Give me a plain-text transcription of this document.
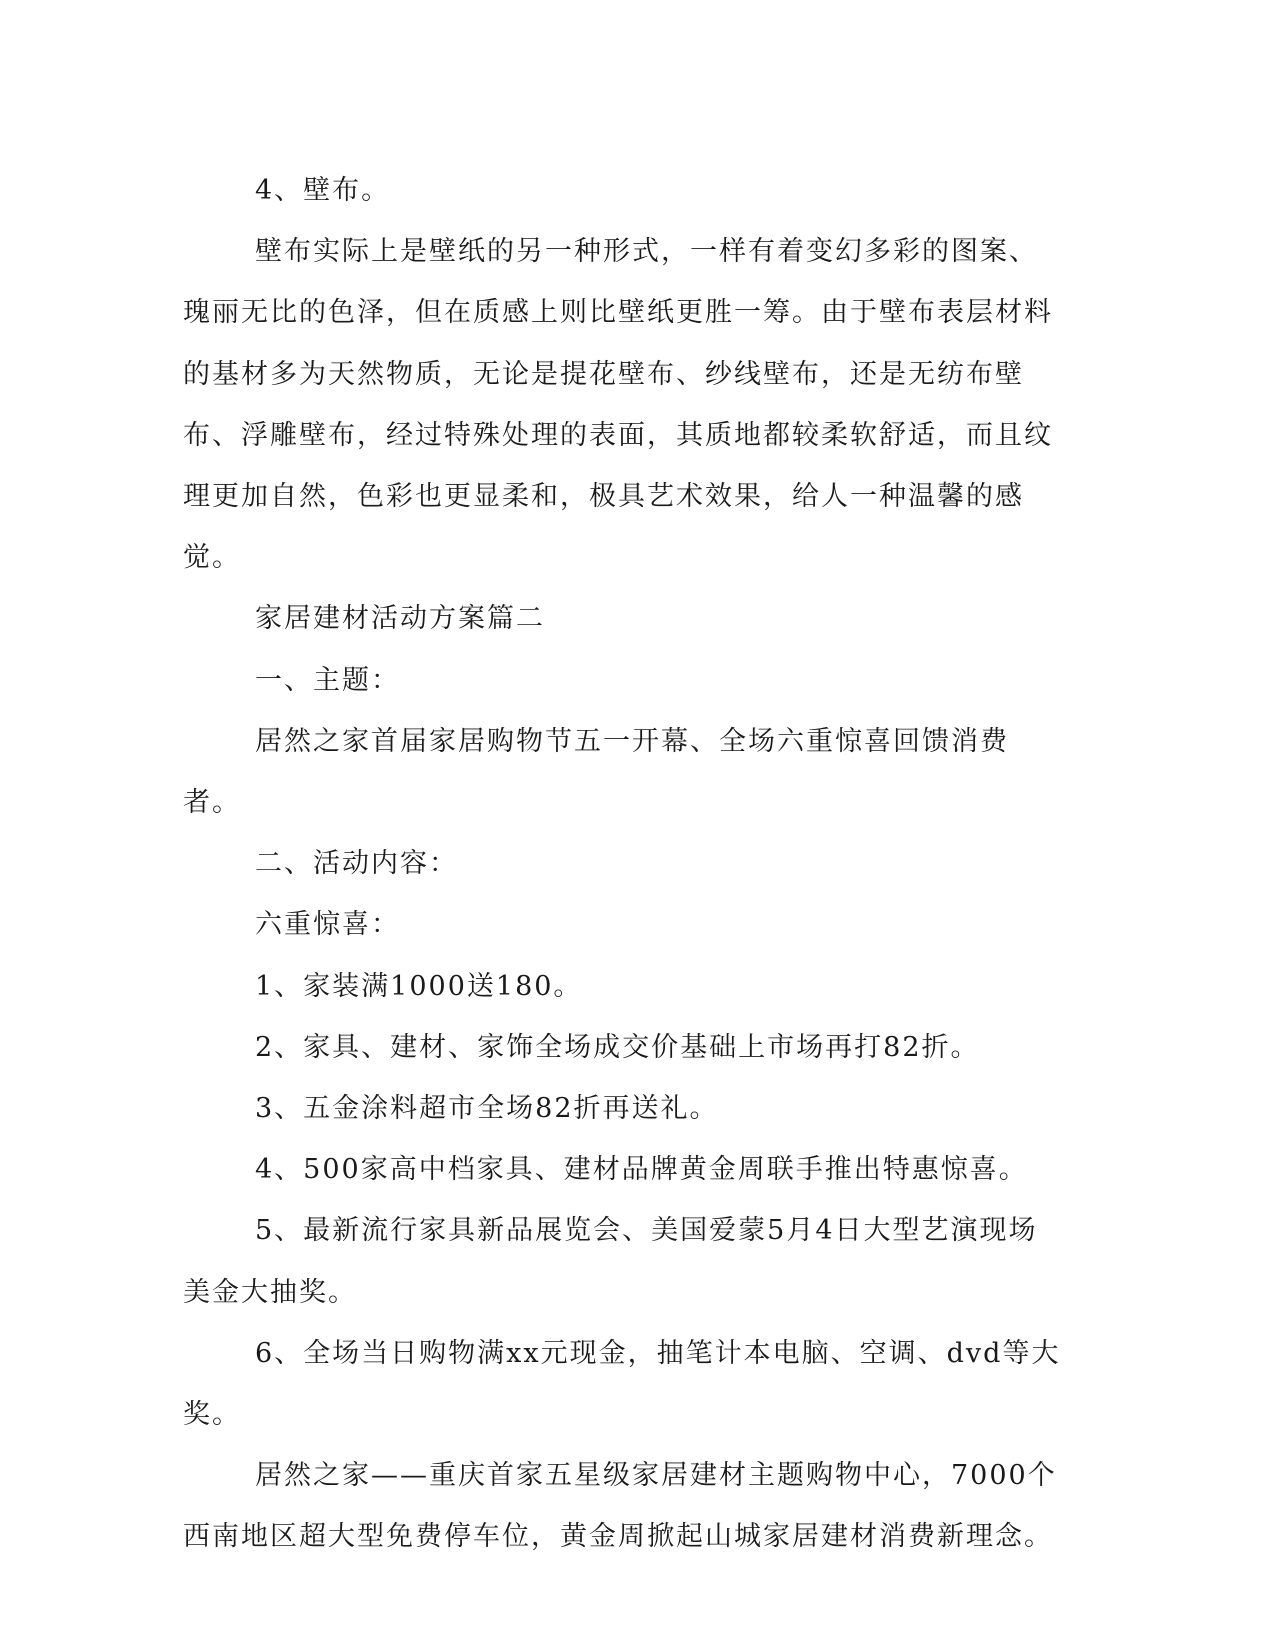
4、壁布。

壁布实际上是壁纸的另一种形式，一样有着变幻多彩的图案、瑰丽无比的色泽，但在质感上则比壁纸更胜一筹。由于壁布表层材料的基材多为天然物质，无论是提花壁布、纱线壁布，还是无纺布壁布、浮雕壁布，经过特殊处理的表面，其质地都较柔软舒适，而且纹理更加自然，色彩也更显柔和，极具艺术效果，给人一种温馨的感觉。

家居建材活动方案篇二

一、主题：

居然之家首届家居购物节五一开幕、全场六重惊喜回馈消费者。

二、活动内容：

六重惊喜：

1、家装满1000送180。

2、家具、建材、家饰全场成交价基础上市场再打82折。

3、五金涂料超市全场82折再送礼。

4、500家高中档家具、建材品牌黄金周联手推出特惠惊喜。

5、最新流行家具新品展览会、美国爱蒙5月4日大型艺演现场美金大抽奖。

6、全场当日购物满xx元现金，抽笔计本电脑、空调、dvd等大奖。

居然之家——重庆首家五星级家居建材主题购物中心，7000个西南地区超大型免费停车位，黄金周掀起山城家居建材消费新理念。
